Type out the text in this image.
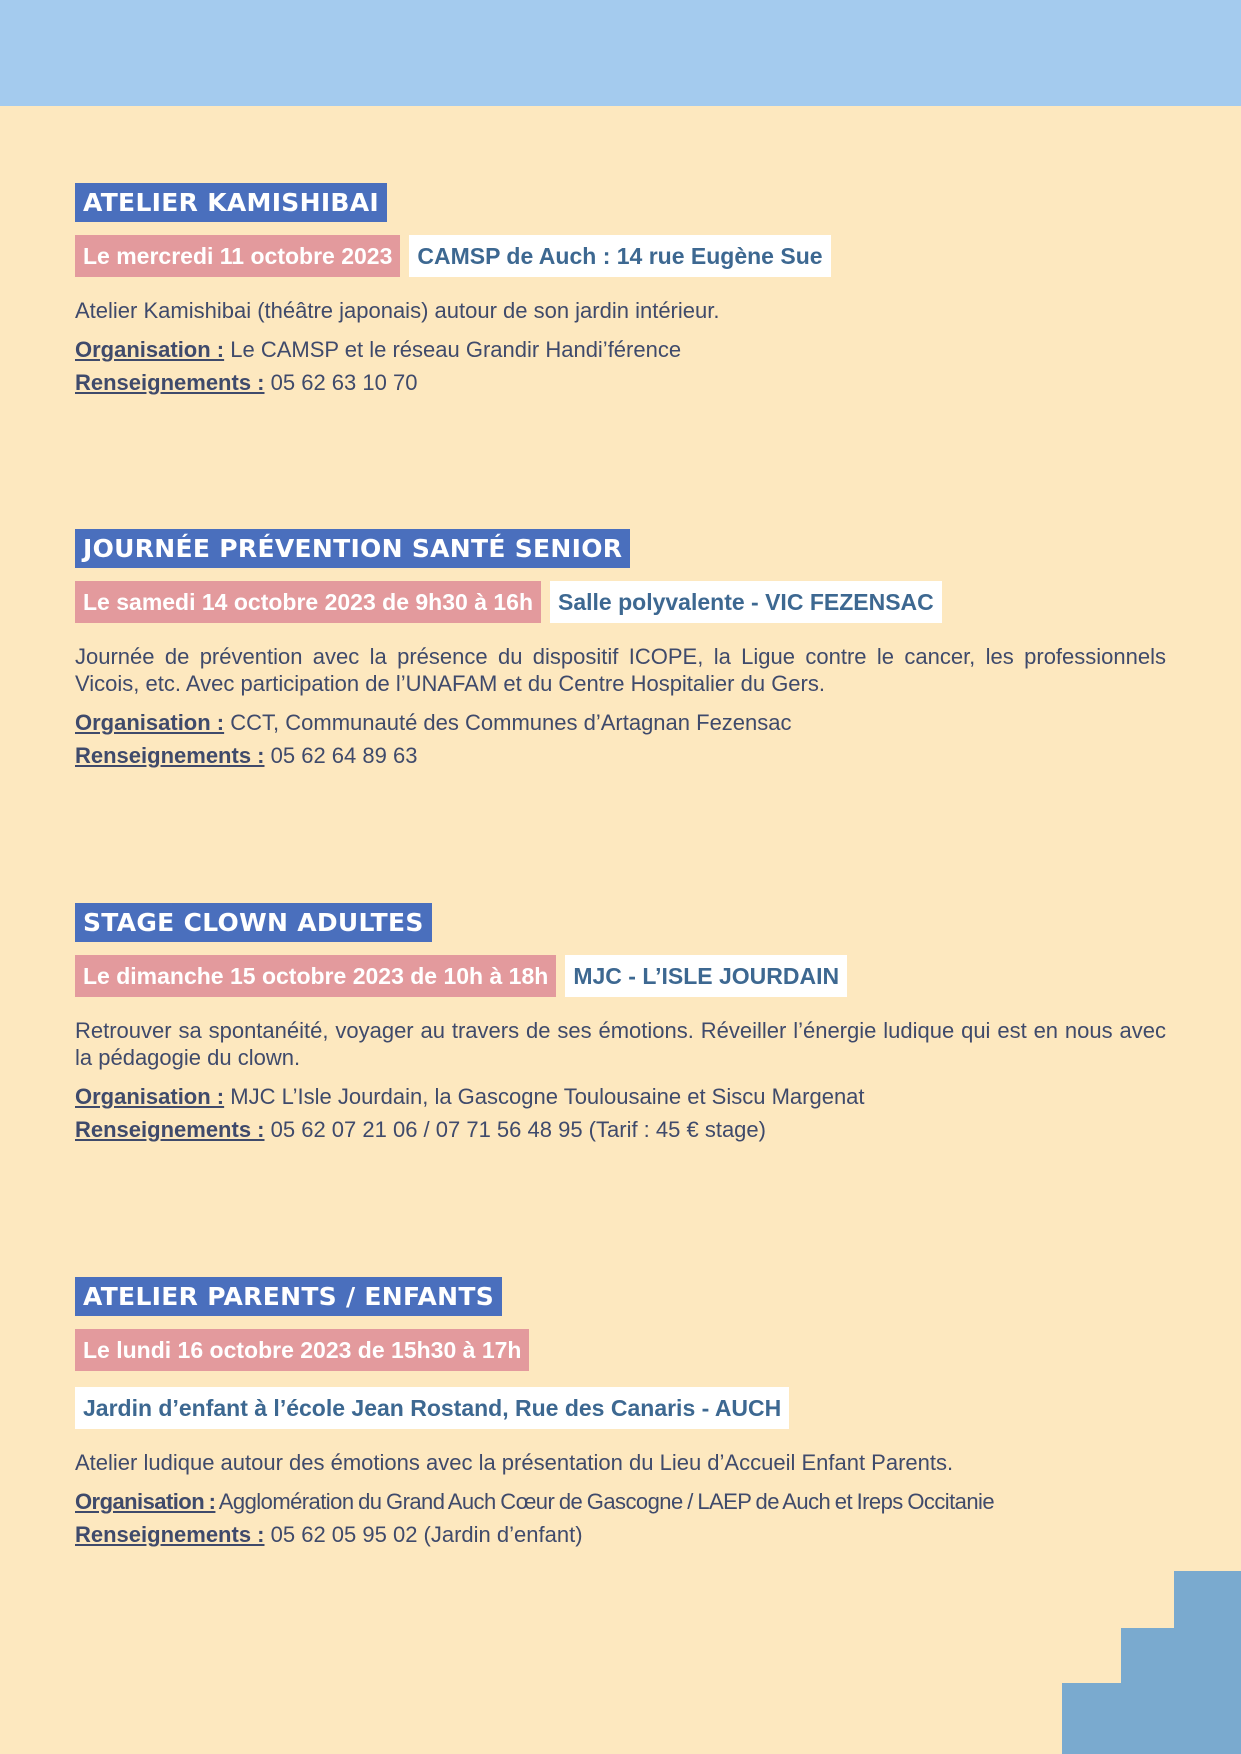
ATELIER KAMISHIBAI
Le mercredi 11 octobre 2023 CAMSP de Auch : 14 rue Eugène Sue

Atelier Kamishibai (théâtre japonais) autour de son jardin intérieur.

Organisation : Le CAMSP et le réseau Grandir Handi’férence
Renseignements : 05 62 63 10 70
JOURNÉE PRÉVENTION SANTÉ SENIOR
Le samedi 14 octobre 2023 de 9h30 à 16h Salle polyvalente - VIC FEZENSAC

Journée de prévention avec la présence du dispositif ICOPE, la Ligue contre le cancer, les professionnels Vicois, etc. Avec participation de l’UNAFAM et du Centre Hospitalier du Gers.

Organisation : CCT, Communauté des Communes d’Artagnan Fezensac
Renseignements : 05 62 64 89 63
STAGE CLOWN ADULTES
Le dimanche 15 octobre 2023 de 10h à 18h MJC - L’ISLE JOURDAIN

Retrouver sa spontanéité, voyager au travers de ses émotions. Réveiller l’énergie ludique qui est en nous avec la pédagogie du clown.

Organisation : MJC L’Isle Jourdain, la Gascogne Toulousaine et Siscu Margenat
Renseignements : 05 62 07 21 06 / 07 71 56 48 95 (Tarif : 45 € stage)
ATELIER PARENTS / ENFANTS
Le lundi 16 octobre 2023 de 15h30 à 17h
Jardin d’enfant à l’école Jean Rostand, Rue des Canaris - AUCH

Atelier ludique autour des émotions avec la présentation du Lieu d’Accueil Enfant Parents.

Organisation : Agglomération du Grand Auch Cœur de Gascogne / LAEP de Auch et Ireps Occitanie
Renseignements : 05 62 05 95 02 (Jardin d’enfant)
